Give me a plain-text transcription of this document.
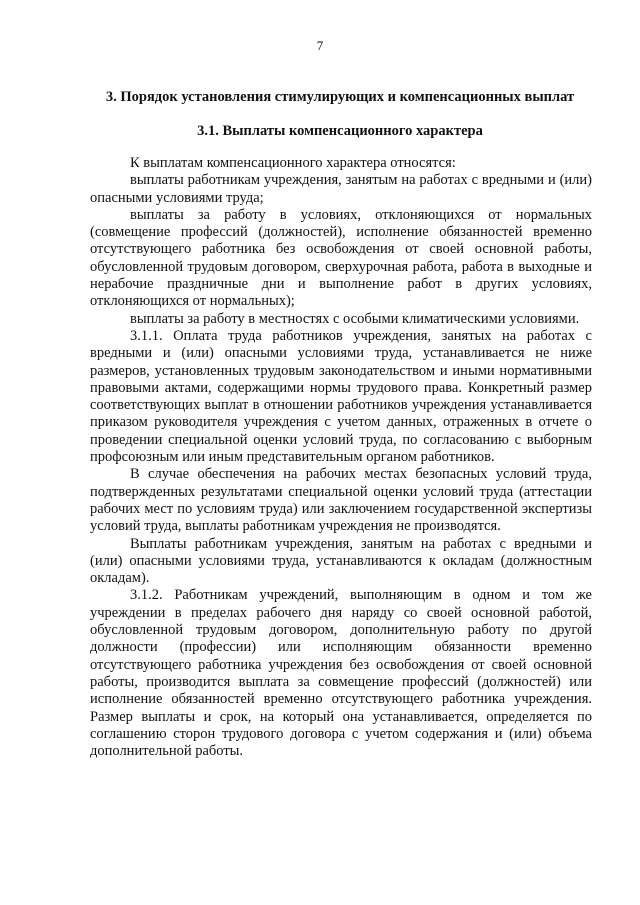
7
3. Порядок установления стимулирующих и компенсационных выплат
3.1. Выплаты компенсационного характера

К выплатам компенсационного характера относятся:

выплаты работникам учреждения, занятым на работах с вредными и (или) опасными условиями труда;

выплаты за работу в условиях, отклоняющихся от нормальных (совмещение профессий (должностей), исполнение обязанностей временно отсутствующего работника без освобождения от своей основной работы, обусловленной трудовым договором, сверхурочная работа, работа в выходные и нерабочие праздничные дни и выполнение работ в других условиях, отклоняющихся от нормальных);

выплаты за работу в местностях с особыми климатическими условиями.

3.1.1. Оплата труда работников учреждения, занятых на работах с вредными и (или) опасными условиями труда, устанавливается не ниже размеров, установленных трудовым законодательством и иными нормативными правовыми актами, содержащими нормы трудового права. Конкретный размер соответствующих выплат в отношении работников учреждения устанавливается приказом руководителя учреждения с учетом данных, отраженных в отчете о проведении специальной оценки условий труда, по согласованию с выборным профсоюзным или иным представительным органом работников.

В случае обеспечения на рабочих местах безопасных условий труда, подтвержденных результатами специальной оценки условий труда (аттестации рабочих мест по условиям труда) или заключением государственной экспертизы условий труда, выплаты работникам учреждения не производятся.

Выплаты работникам учреждения, занятым на работах с вредными и (или) опасными условиями труда, устанавливаются к окладам (должностным окладам).

3.1.2. Работникам учреждений, выполняющим в одном и том же учреждении в пределах рабочего дня наряду со своей основной работой, обусловленной трудовым договором, дополнительную работу по другой должности (профессии) или исполняющим обязанности временно отсутствующего работника учреждения без освобождения от своей основной работы, производится выплата за совмещение профессий (должностей) или исполнение обязанностей временно отсутствующего работника учреждения. Размер выплаты и срок, на который она устанавливается, определяется по соглашению сторон трудового договора с учетом содержания и (или) объема дополнительной работы.
